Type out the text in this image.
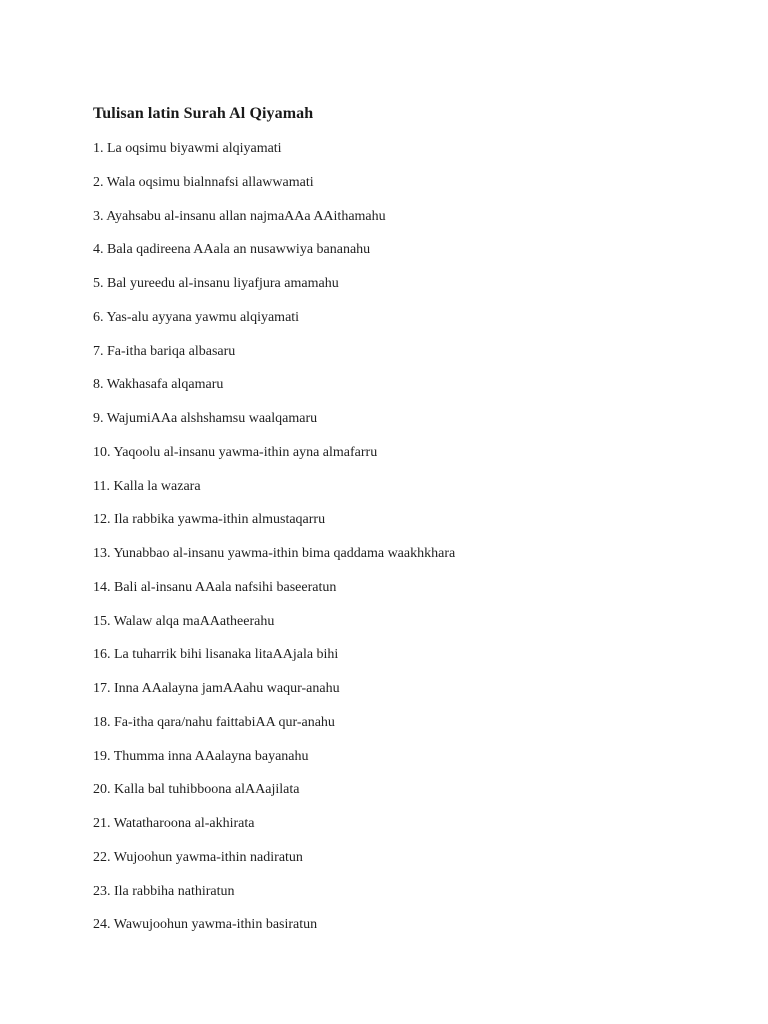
Tulisan latin Surah Al Qiyamah
1. La oqsimu biyawmi alqiyamati
2. Wala oqsimu bialnnafsi allawwamati
3. Ayahsabu al-insanu allan najmaAAa AAithamahu
4. Bala qadireena AAala an nusawwiya bananahu
5. Bal yureedu al-insanu liyafjura amamahu
6. Yas-alu ayyana yawmu alqiyamati
7. Fa-itha bariqa albasaru
8. Wakhasafa alqamaru
9. WajumiAAa alshshamsu waalqamaru
10. Yaqoolu al-insanu yawma-ithin ayna almafarru
11. Kalla la wazara
12. Ila rabbika yawma-ithin almustaqarru
13. Yunabbao al-insanu yawma-ithin bima qaddama waakhkhara
14. Bali al-insanu AAala nafsihi baseeratun
15. Walaw alqa maAAatheerahu
16. La tuharrik bihi lisanaka litaAAjala bihi
17. Inna AAalayna jamAAahu waqur-anahu
18. Fa-itha qara/nahu faittabiAA qur-anahu
19. Thumma inna AAalayna bayanahu
20. Kalla bal tuhibboona alAAajilata
21. Watatharoona al-akhirata
22. Wujoohun yawma-ithin nadiratun
23. Ila rabbiha nathiratun
24. Wawujoohun yawma-ithin basiratun
